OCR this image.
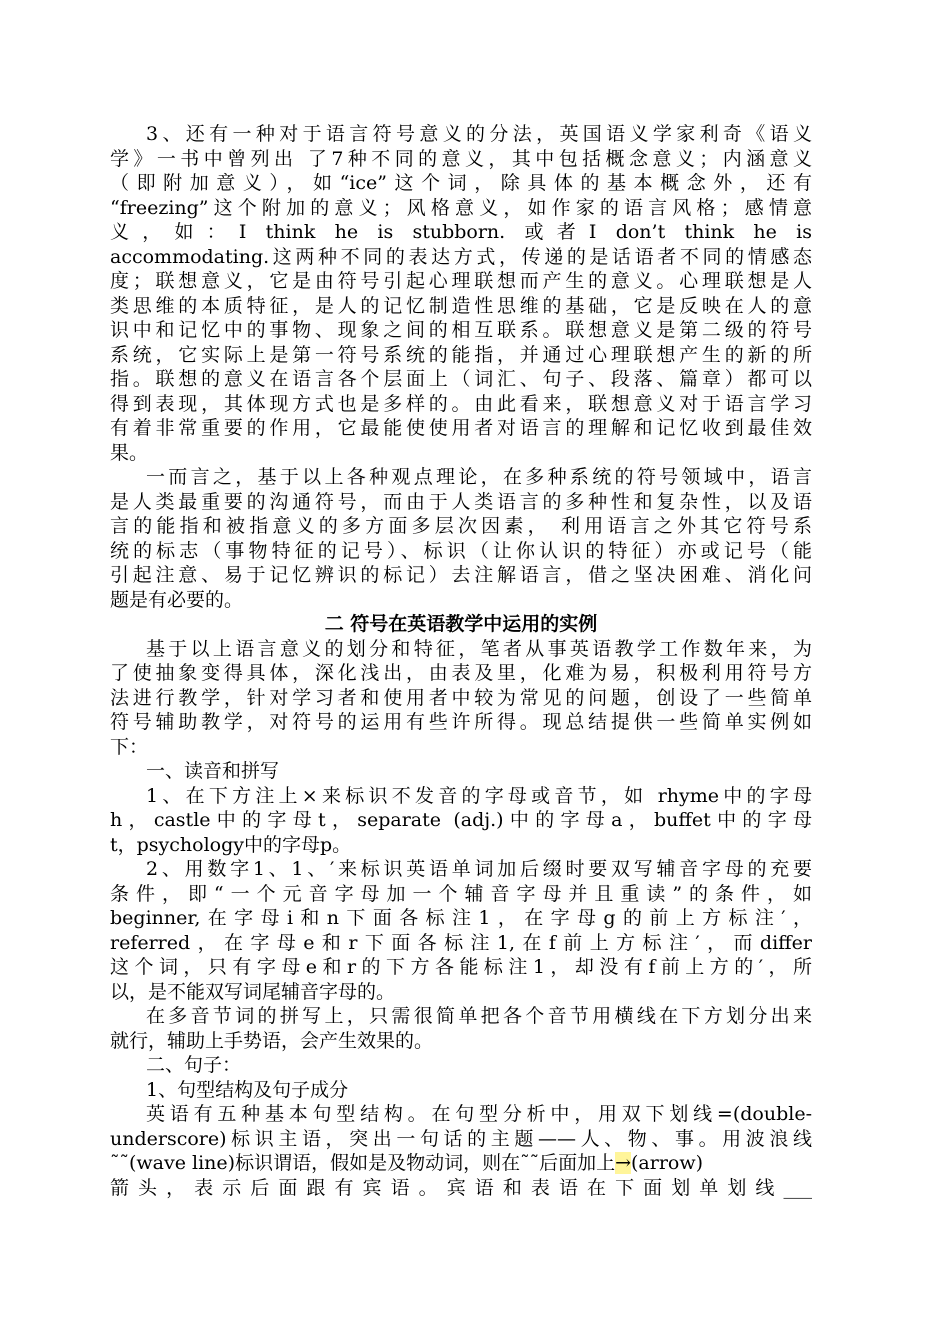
3、还有一种对于语言符号意义的分法，英国语义学家利奇《语义
学》一书中曾列出 了7种不同的意义，其中包括概念意义；内涵意义
（即附加意义），如“ice”这个词，除具体的基本概念外，还有
“freezing”这个附加的意义；风格意义，如作家的语言风格；感情意
义，如：I think he is stubborn. 或者I don’t think he is
accommodating.这两种不同的表达方式，传递的是话语者不同的情感态
度；联想意义，它是由符号引起心理联想而产生的意义。心理联想是人
类思维的本质特征，是人的记忆制造性思维的基础，它是反映在人的意
识中和记忆中的事物、现象之间的相互联系。联想意义是第二级的符号
系统，它实际上是第一符号系统的能指，并通过心理联想产生的新的所
指。联想的意义在语言各个层面上（词汇、句子、段落、篇章）都可以
得到表现，其体现方式也是多样的。由此看来，联想意义对于语言学习
有着非常重要的作用，它最能使使用者对语言的理解和记忆收到最佳效
果。
一而言之，基于以上各种观点理论，在多种系统的符号领域中，语言
是人类最重要的沟通符号，而由于人类语言的多种性和复杂性，以及语
言的能指和被指意义的多方面多层次因素， 利用语言之外其它符号系
统的标志（事物特征的记号）、标识（让你认识的特征）亦或记号（能
引起注意、易于记忆辨识的标记）去注解语言，借之坚决困难、消化问
题是有必要的。
二 符号在英语教学中运用的实例
基于以上语言意义的划分和特征，笔者从事英语教学工作数年来，为
了使抽象变得具体，深化浅出，由表及里，化难为易，积极利用符号方
法进行教学，针对学习者和使用者中较为常见的问题，创设了一些简单
符号辅助教学，对符号的运用有些许所得。现总结提供一些简单实例如
下：
一、读音和拼写
1、在下方注上×来标识不发音的字母或音节，如 rhyme中的字母
h，castle中的字母t，separate (adj.)中的字母a，buffet中的字母
t，psychology中的字母p。
2、用数字1、1、′来标识英语单词加后缀时要双写辅音字母的充要
条件，即“一个元音字母加一个辅音字母并且重读”的条件，如
beginner,在字母i和n下面各标注1，在字母g的前上方标注′，
referred，在字母e和r下面各标注1,在f前上方标注′，而differ
这个词，只有字母e和r的下方各能标注1，却没有f前上方的′，所
以，是不能双写词尾辅音字母的。
在多音节词的拼写上，只需很简单把各个音节用横线在下方划分出来
就行，辅助上手势语，会产生效果的。
二、句子：
1、句型结构及句子成分
英语有五种基本句型结构。在句型分析中，用双下划线=(double-
underscore)标识主语，突出一句话的主题——人、物、事。用波浪线
˜˜(wave line)标识谓语，假如是及物动词，则在˜˜后面加上→(arrow)
箭头，表示后面跟有宾语。宾语和表语在下面划单划线___
